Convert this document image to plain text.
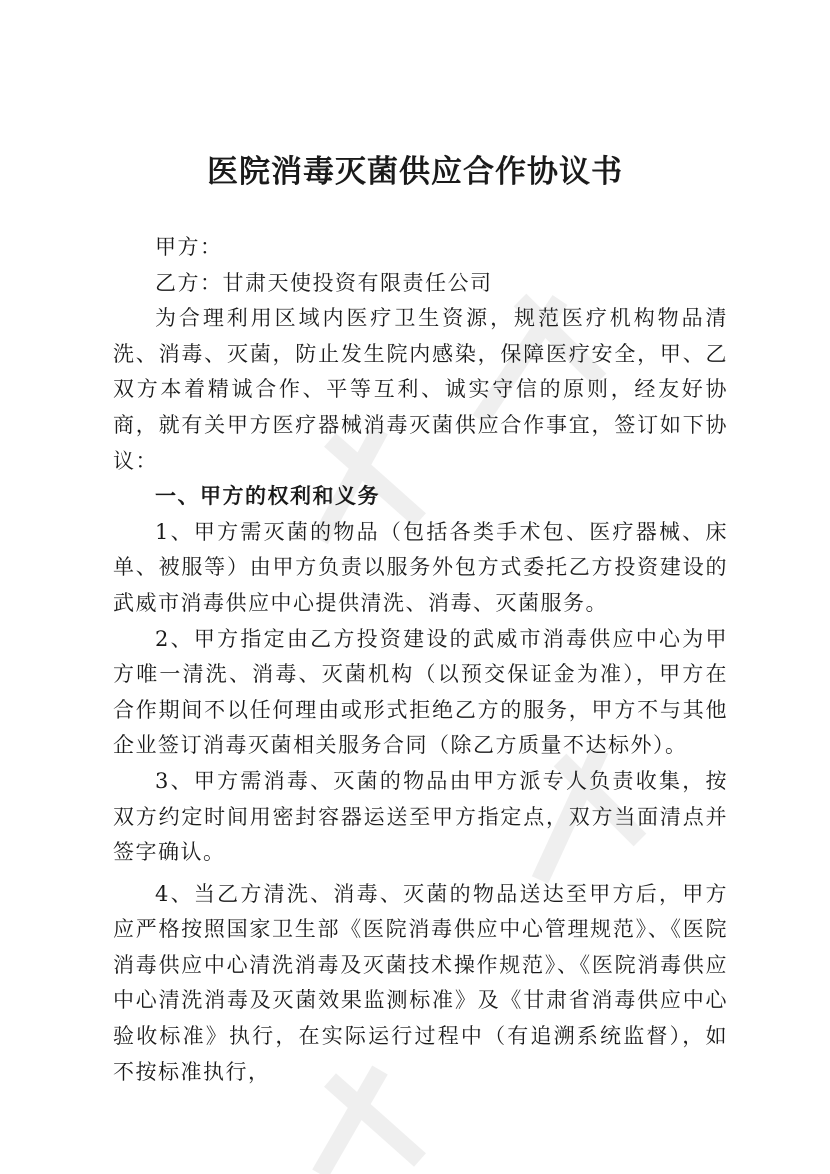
医院消毒灭菌供应合作协议书

甲方：

乙方：甘肃天使投资有限责任公司

为合理利用区域内医疗卫生资源，规范医疗机构物品清洗、消毒、灭菌，防止发生院内感染，保障医疗安全，甲、乙双方本着精诚合作、平等互利、诚实守信的原则，经友好协商，就有关甲方医疗器械消毒灭菌供应合作事宜，签订如下协议：

一、甲方的权利和义务

1、甲方需灭菌的物品（包括各类手术包、医疗器械、床单、被服等）由甲方负责以服务外包方式委托乙方投资建设的武威市消毒供应中心提供清洗、消毒、灭菌服务。

2、甲方指定由乙方投资建设的武威市消毒供应中心为甲方唯一清洗、消毒、灭菌机构（以预交保证金为准），甲方在合作期间不以任何理由或形式拒绝乙方的服务，甲方不与其他企业签订消毒灭菌相关服务合同（除乙方质量不达标外）。

3、甲方需消毒、灭菌的物品由甲方派专人负责收集，按双方约定时间用密封容器运送至甲方指定点，双方当面清点并签字确认。

4、当乙方清洗、消毒、灭菌的物品送达至甲方后，甲方应严格按照国家卫生部《医院消毒供应中心管理规范》、《医院消毒供应中心清洗消毒及灭菌技术操作规范》、《医院消毒供应中心清洗消毒及灭菌效果监测标准》及《甘肃省消毒供应中心验收标准》执行，在实际运行过程中（有追溯系统监督），如不按标准执行，
